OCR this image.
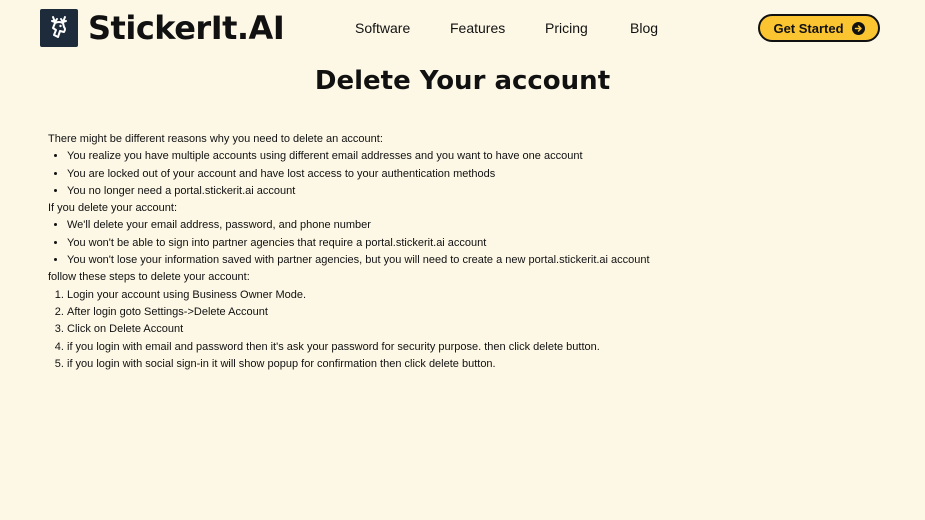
StickerIt.AI	Software	Features	Pricing	Blog	Get Started
Delete Your account

There might be different reasons why you need to delete an account:

• You realize you have multiple accounts using different email addresses and you want to have one account
• You are locked out of your account and have lost access to your authentication methods
• You no longer need a portal.stickerit.ai account

If you delete your account:

• We'll delete your email address, password, and phone number
• You won't be able to sign into partner agencies that require a portal.stickerit.ai account
• You won't lose your information saved with partner agencies, but you will need to create a new portal.stickerit.ai account

follow these steps to delete your account:

1. Login your account using Business Owner Mode.
2. After login goto Settings->Delete Account
3. Click on Delete Account
4. if you login with email and password then it's ask your password for security purpose. then click delete button.
5. if you login with social sign-in it will show popup for confirmation then click delete button.
